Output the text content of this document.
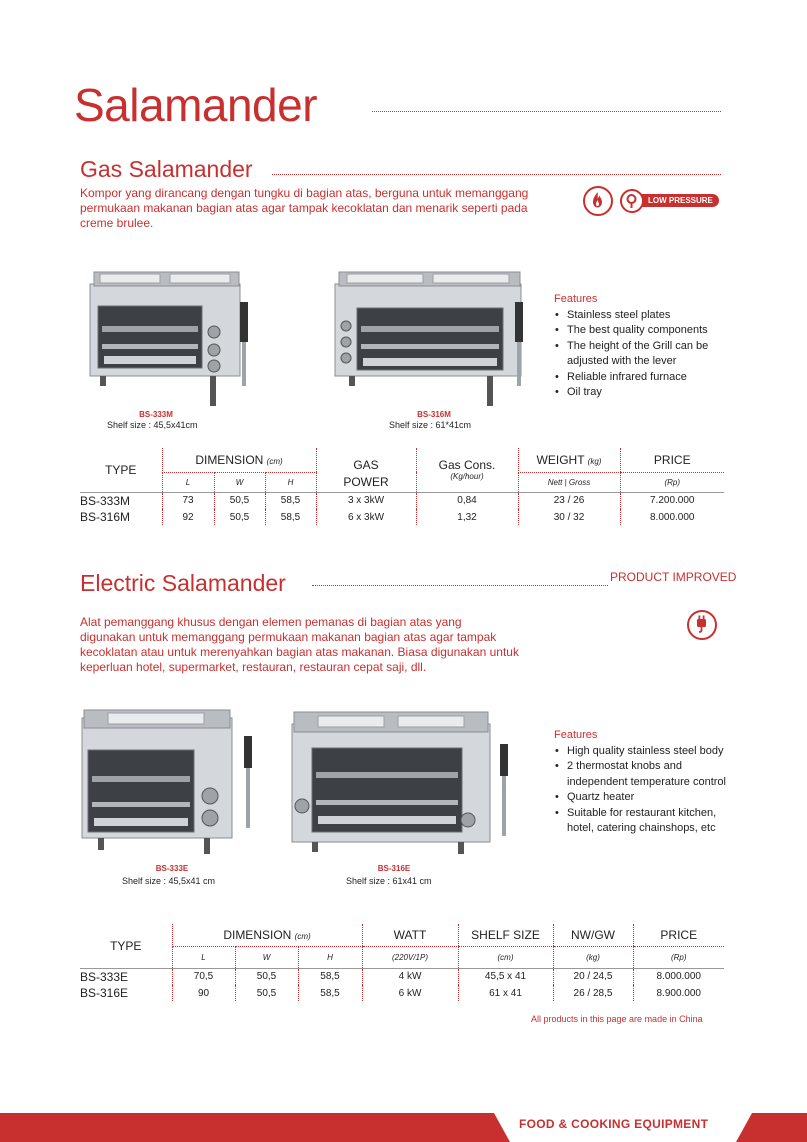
Salamander
Gas Salamander
Kompor yang dirancang dengan tungku di bagian atas, berguna untuk memanggang permukaan makanan bagian atas agar tampak kecoklatan dan menarik seperti pada creme brulee.
LOW PRESSURE
BS-333M
Shelf size : 45,5x41cm
BS-316M
Shelf size : 61*41cm
Features
• Stainless steel plates
• The best quality components
• The height of the Grill can be adjusted with the lever
• Reliable infrared furnace
• Oil tray
TYPE	DIMENSION (cm)			GAS	Gas Cons.
(Kg/hour)	WEIGHT (kg)	PRICE
	L	W	H	POWER		Nett | Gross	(Rp)
BS-333M	73	50,5	58,5	3 x 3kW	0,84	23 / 26	7.200.000
BS-316M	92	50,5	58,5	6 x 3kW	1,32	30 / 32	8.000.000
Electric Salamander	PRODUCT IMPROVED
Alat pemanggang khusus dengan elemen pemanas di bagian atas yang digunakan untuk memanggang permukaan makanan bagian atas agar tampak kecoklatan atau untuk merenyahkan bagian atas makanan. Biasa digunakan untuk keperluan hotel, supermarket, restauran, restauran cepat saji, dll.
BS-333E
Shelf size : 45,5x41 cm
BS-316E
Shelf size : 61x41 cm
Features
• High quality stainless steel body
• 2 thermostat knobs and independent temperature control
• Quartz heater
• Suitable for restaurant kitchen, hotel, catering chainshops, etc
TYPE	DIMENSION (cm)			WATT	SHELF SIZE	NW/GW	PRICE
	L	W	H	(220V/1P)	(cm)	(kg)	(Rp)
BS-333E	70,5	50,5	58,5	4 kW	45,5 x 41	20 / 24,5	8.000.000
BS-316E	90	50,5	58,5	6 kW	61 x 41	26 / 28,5	8.900.000
All products in this page are made in China
FOOD & COOKING EQUIPMENT
